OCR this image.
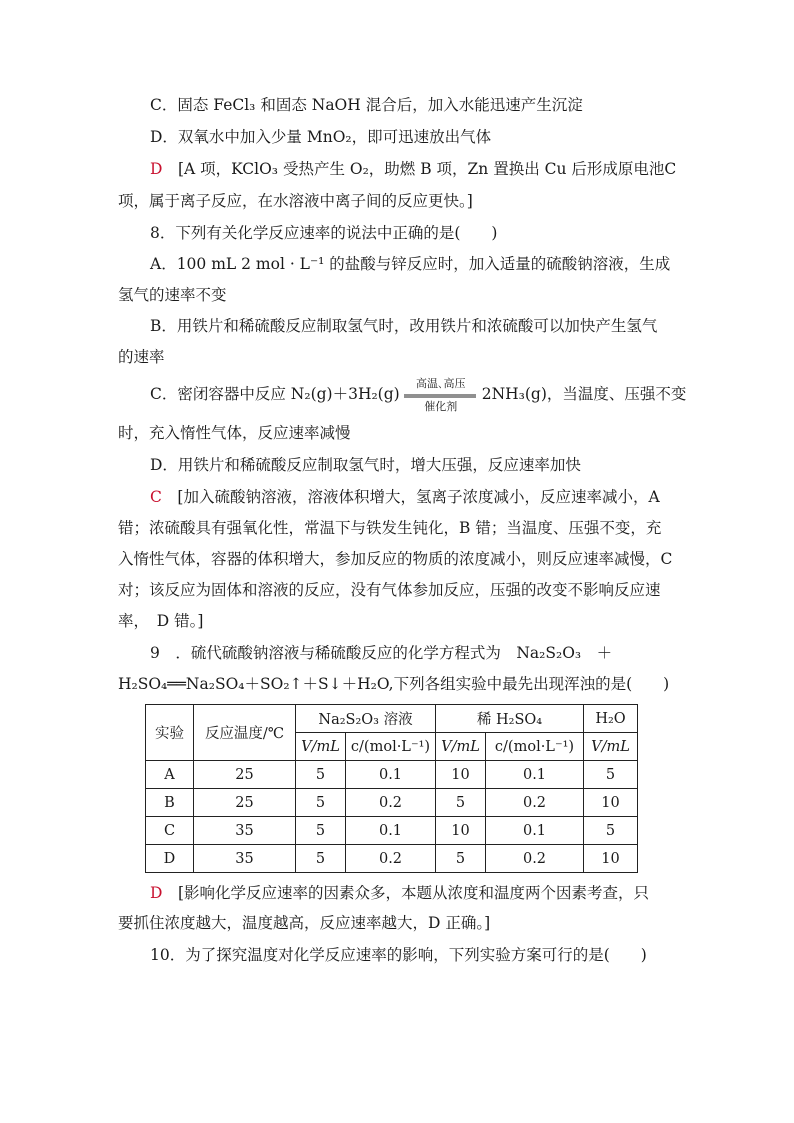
C．固态 FeCl₃ 和固态 NaOH 混合后，加入水能迅速产生沉淀
D．双氧水中加入少量 MnO₂，即可迅速放出气体
D　 [A 项，KClO₃ 受热产生 O₂，助燃 B 项，Zn 置换出 Cu 后形成原电池C
项，属于离子反应，在水溶液中离子间的反应更快。]
8．下列有关化学反应速率的说法中正确的是(　　)
A．100 mL 2 mol · L⁻¹ 的盐酸与锌反应时，加入适量的硫酸钠溶液，生成
氢气的速率不变
B．用铁片和稀硫酸反应制取氢气时，改用铁片和浓硫酸可以加快产生氢气
的速率
C．密闭容器中反应 N₂(g)＋3H₂(g)
高温､高压
催化剂
2NH₃(g)，当温度、压强不变
时，充入惰性气体，反应速率减慢
D．用铁片和稀硫酸反应制取氢气时，增大压强，反应速率加快
C　 [加入硫酸钠溶液，溶液体积增大，氢离子浓度减小，反应速率减小，A
错；浓硫酸具有强氧化性，常温下与铁发生钝化，B 错；当温度、压强不变，充
入惰性气体，容器的体积增大，参加反应的物质的浓度减小，则反应速率减慢，C
对；该反应为固体和溶液的反应，没有气体参加反应，压强的改变不影响反应速
率，　D 错。]
9　．硫代硫酸钠溶液与稀硫酸反应的化学方程式为　Na₂S₂O₃　＋
H₂SO₄══Na₂SO₄＋SO₂↑＋S↓＋H₂O,下列各组实验中最先出现浑浊的是(　　)
实验	反应温度/℃	Na₂S₂O₃ 溶液		稀 H₂SO₄		H₂O
		V/mL	c/(mol·L⁻¹)	V/mL	c/(mol·L⁻¹)	V/mL
A	25	5	0.1	10	0.1	5
B	25	5	0.2	5	0.2	10
C	35	5	0.1	10	0.1	5
D	35	5	0.2	5	0.2	10
D　 [影响化学反应速率的因素众多，本题从浓度和温度两个因素考查，只
要抓住浓度越大，温度越高，反应速率越大，D 正确。]
10．为了探究温度对化学反应速率的影响，下列实验方案可行的是(　　)
